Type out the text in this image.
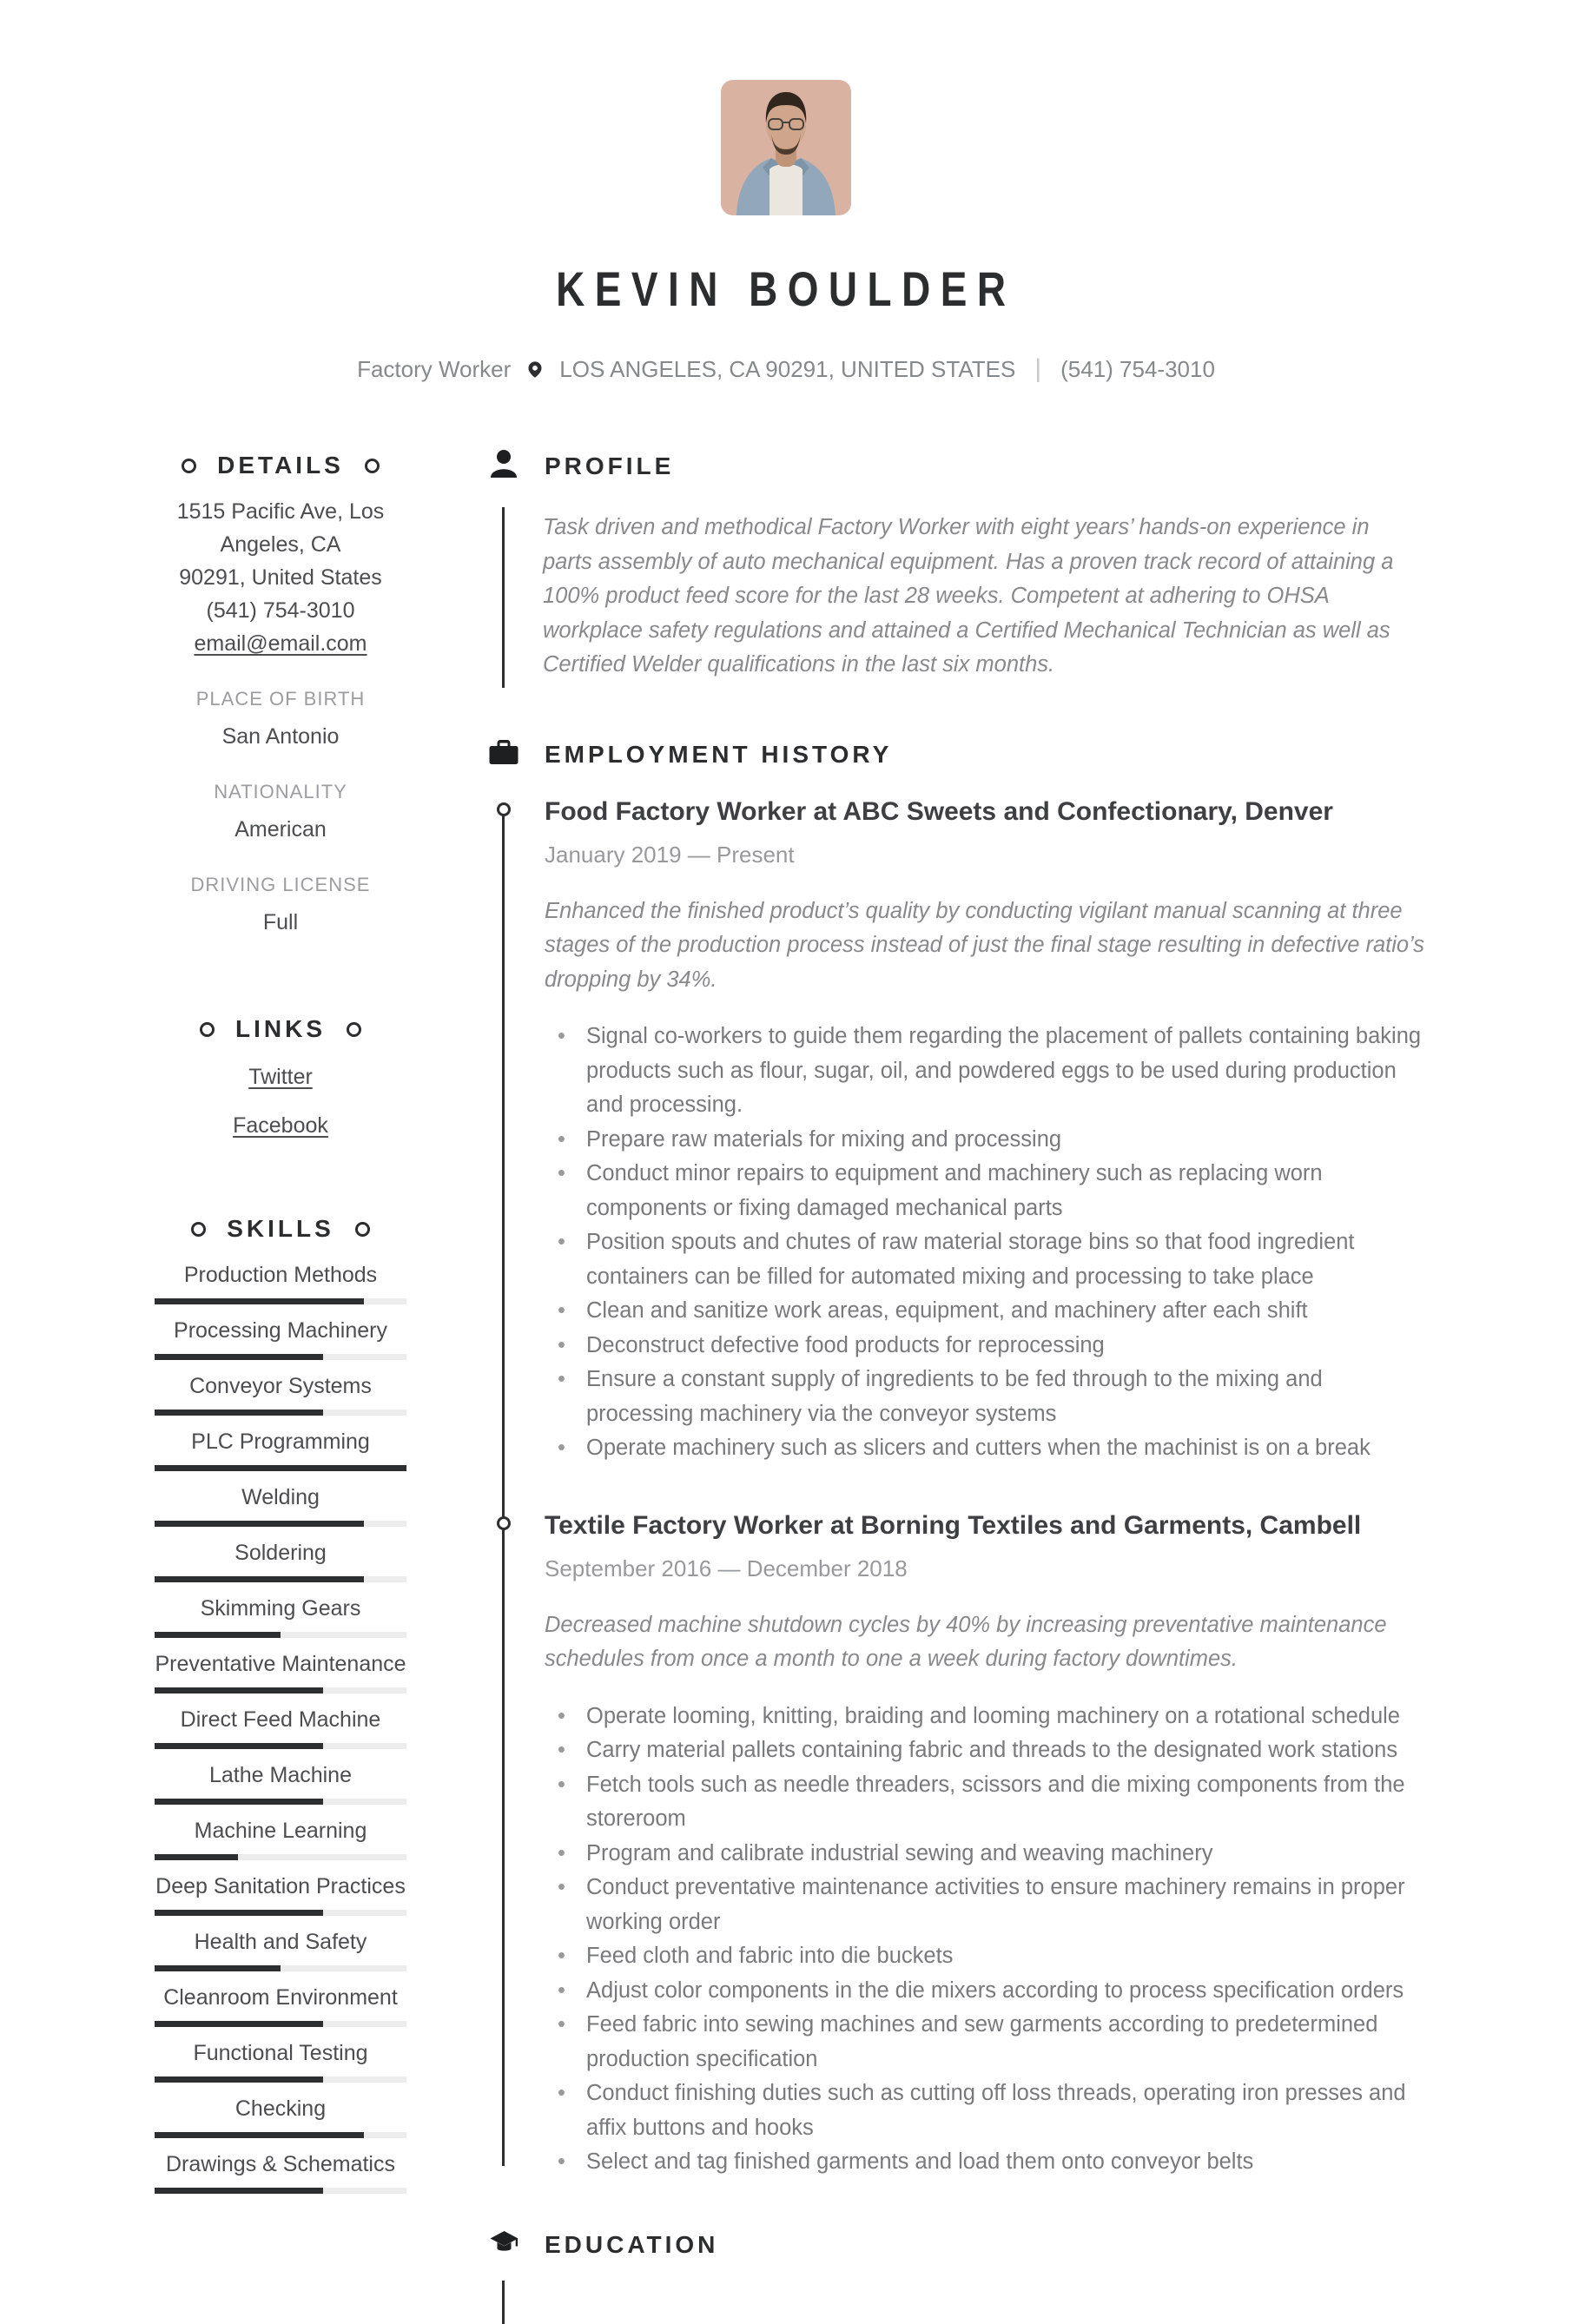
KEVIN BOULDER
Factory Worker LOS ANGELES, CA 90291, UNITED STATES | (541) 754-3010
DETAILS

1515 Pacific Ave, Los Angeles, CA

90291, United States

(541) 754-3010

email@email.com

PLACE OF BIRTH

San Antonio

NATIONALITY

American

DRIVING LICENSE

Full

LINKS

Twitter

Facebook

SKILLS

Production Methods

Processing Machinery

Conveyor Systems

PLC Programming

Welding

Soldering

Skimming Gears

Preventative Maintenance

Direct Feed Machine

Lathe Machine

Machine Learning

Deep Sanitation Practices

Health and Safety

Cleanroom Environment

Functional Testing

Checking

Drawings & Schematics

PROFILE

Task driven and methodical Factory Worker with eight years’ hands-on experience in parts assembly of auto mechanical equipment. Has a proven track record of attaining a 100% product feed score for the last 28 weeks. Competent at adhering to OHSA workplace safety regulations and attained a Certified Mechanical Technician as well as Certified Welder qualifications in the last six months.

EMPLOYMENT HISTORY
Food Factory Worker at ABC Sweets and Confectionary, Denver

January 2019 — Present

Enhanced the finished product’s quality by conducting vigilant manual scanning at three stages of the production process instead of just the final stage resulting in defective ratio’s dropping by 34%.

• Signal co-workers to guide them regarding the placement of pallets containing baking products such as flour, sugar, oil, and powdered eggs to be used during production and processing.
• Prepare raw materials for mixing and processing
• Conduct minor repairs to equipment and machinery such as replacing worn components or fixing damaged mechanical parts
• Position spouts and chutes of raw material storage bins so that food ingredient containers can be filled for automated mixing and processing to take place
• Clean and sanitize work areas, equipment, and machinery after each shift
• Deconstruct defective food products for reprocessing
• Ensure a constant supply of ingredients to be fed through to the mixing and processing machinery via the conveyor systems
• Operate machinery such as slicers and cutters when the machinist is on a break
Textile Factory Worker at Borning Textiles and Garments, Cambell

September 2016 — December 2018

Decreased machine shutdown cycles by 40% by increasing preventative maintenance schedules from once a month to one a week during factory downtimes.

• Operate looming, knitting, braiding and looming machinery on a rotational schedule
• Carry material pallets containing fabric and threads to the designated work stations
• Fetch tools such as needle threaders, scissors and die mixing components from the storeroom
• Program and calibrate industrial sewing and weaving machinery
• Conduct preventative maintenance activities to ensure machinery remains in proper working order
• Feed cloth and fabric into die buckets
• Adjust color components in the die mixers according to process specification orders
• Feed fabric into sewing machines and sew garments according to predetermined production specification
• Conduct finishing duties such as cutting off loss threads, operating iron presses and affix buttons and hooks
• Select and tag finished garments and load them onto conveyor belts
EDUCATION
